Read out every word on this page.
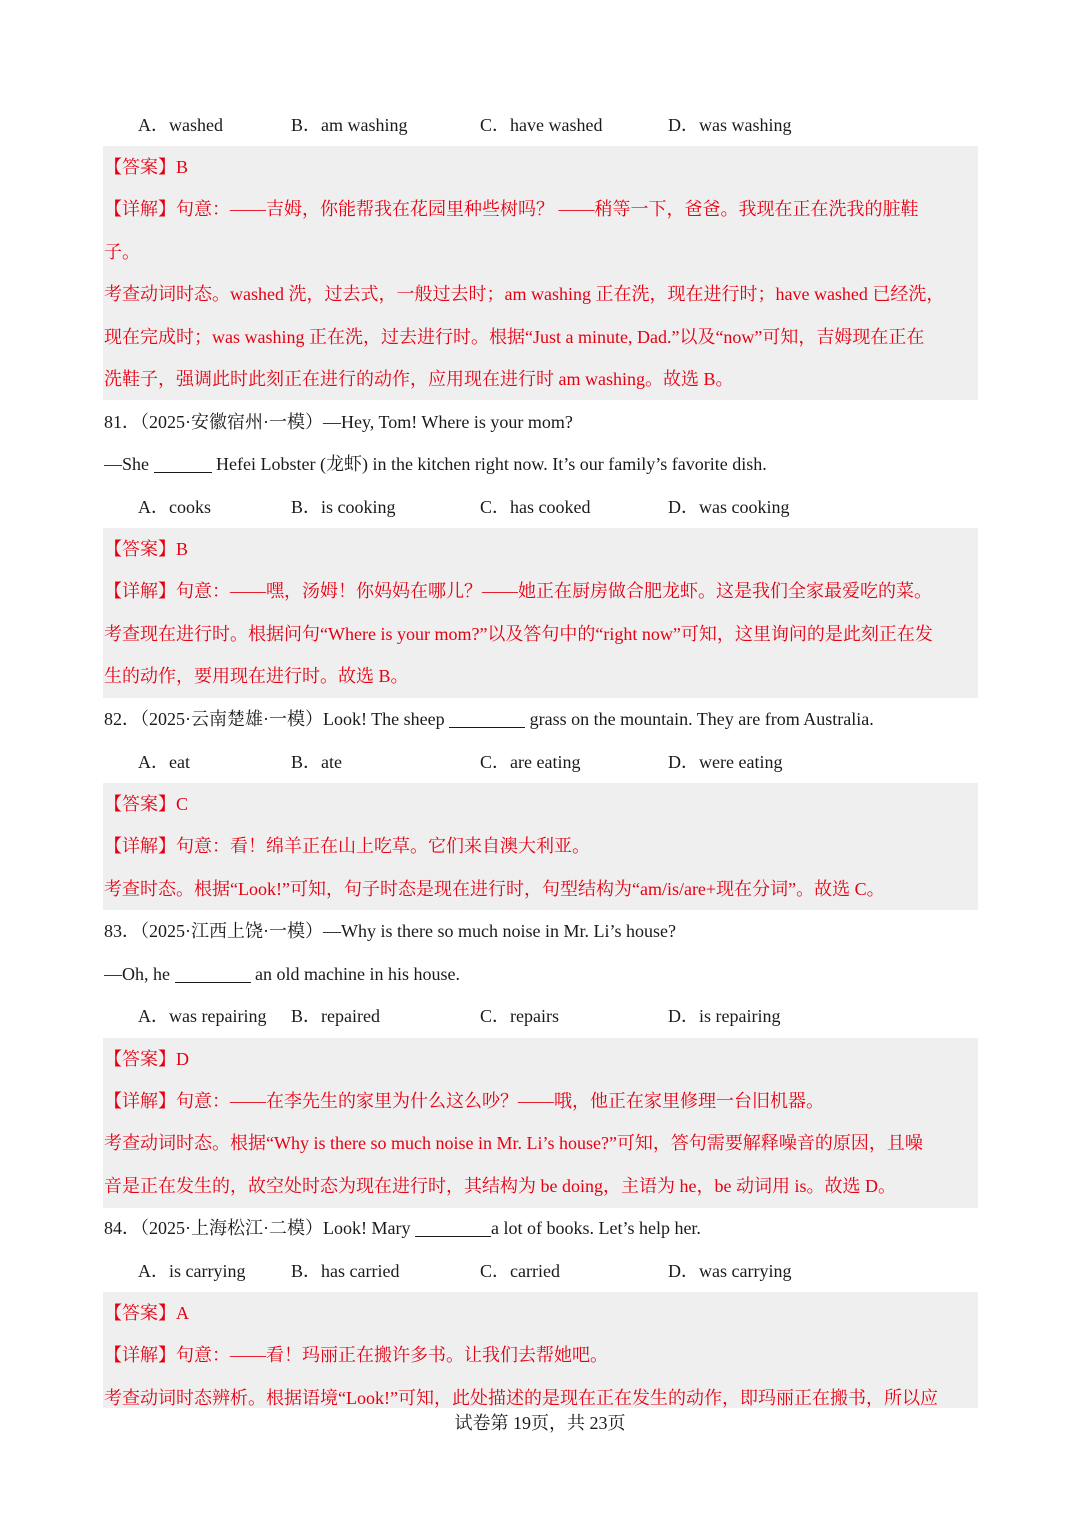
A．washed	B．am washing	C．have washed	D．was washing
【答案】B
【详解】句意：——吉姆，你能帮我在花园里种些树吗？ ——稍等一下，爸爸。我现在正在洗我的脏鞋
子。
考查动词时态。washed 洗，过去式，一般过去时；am washing 正在洗，现在进行时；have washed 已经洗，
现在完成时；was washing 正在洗，过去进行时。根据“Just a minute, Dad.”以及“now”可知，吉姆现在正在
洗鞋子，强调此时此刻正在进行的动作，应用现在进行时 am washing。故选 B。
81．（2025·安徽宿州·一模）—Hey, Tom! Where is your mom?
—She	Hefei Lobster (龙虾) in the kitchen right now. It’s our family’s favorite dish.
A．cooks	B．is cooking	C．has cooked	D．was cooking
【答案】B
【详解】句意：——嘿，汤姆！你妈妈在哪儿？——她正在厨房做合肥龙虾。这是我们全家最爱吃的菜。
考查现在进行时。根据问句“Where is your mom?”以及答句中的“right now”可知，这里询问的是此刻正在发
生的动作，要用现在进行时。故选 B。
82．（2025·云南楚雄·一模）Look! The sheep	grass on the mountain. They are from Australia.
A．eat	B．ate	C．are eating	D．were eating
【答案】C
【详解】句意：看！绵羊正在山上吃草。它们来自澳大利亚。
考查时态。根据“Look!”可知，句子时态是现在进行时，句型结构为“am/is/are+现在分词”。故选 C。
83．（2025·江西上饶·一模）—Why is there so much noise in Mr. Li’s house?
—Oh, he	an old machine in his house.
A．was repairing B．repaired	C．repairs	D．is repairing
【答案】D
【详解】句意：——在李先生的家里为什么这么吵？——哦，他正在家里修理一台旧机器。
考查动词时态。根据“Why is there so much noise in Mr. Li’s house?”可知，答句需要解释噪音的原因，且噪
音是正在发生的，故空处时态为现在进行时，其结构为 be doing，主语为 he，be 动词用 is。故选 D。
84．（2025·上海松江·二模）Look! Mary	a lot of books. Let’s help her.
A．is carrying	B．has carried	C．carried	D．was carrying
【答案】A
【详解】句意：——看！玛丽正在搬许多书。让我们去帮她吧。
考查动词时态辨析。根据语境“Look!”可知，此处描述的是现在正在发生的动作，即玛丽正在搬书，所以应
试卷第 19页，共 23页
